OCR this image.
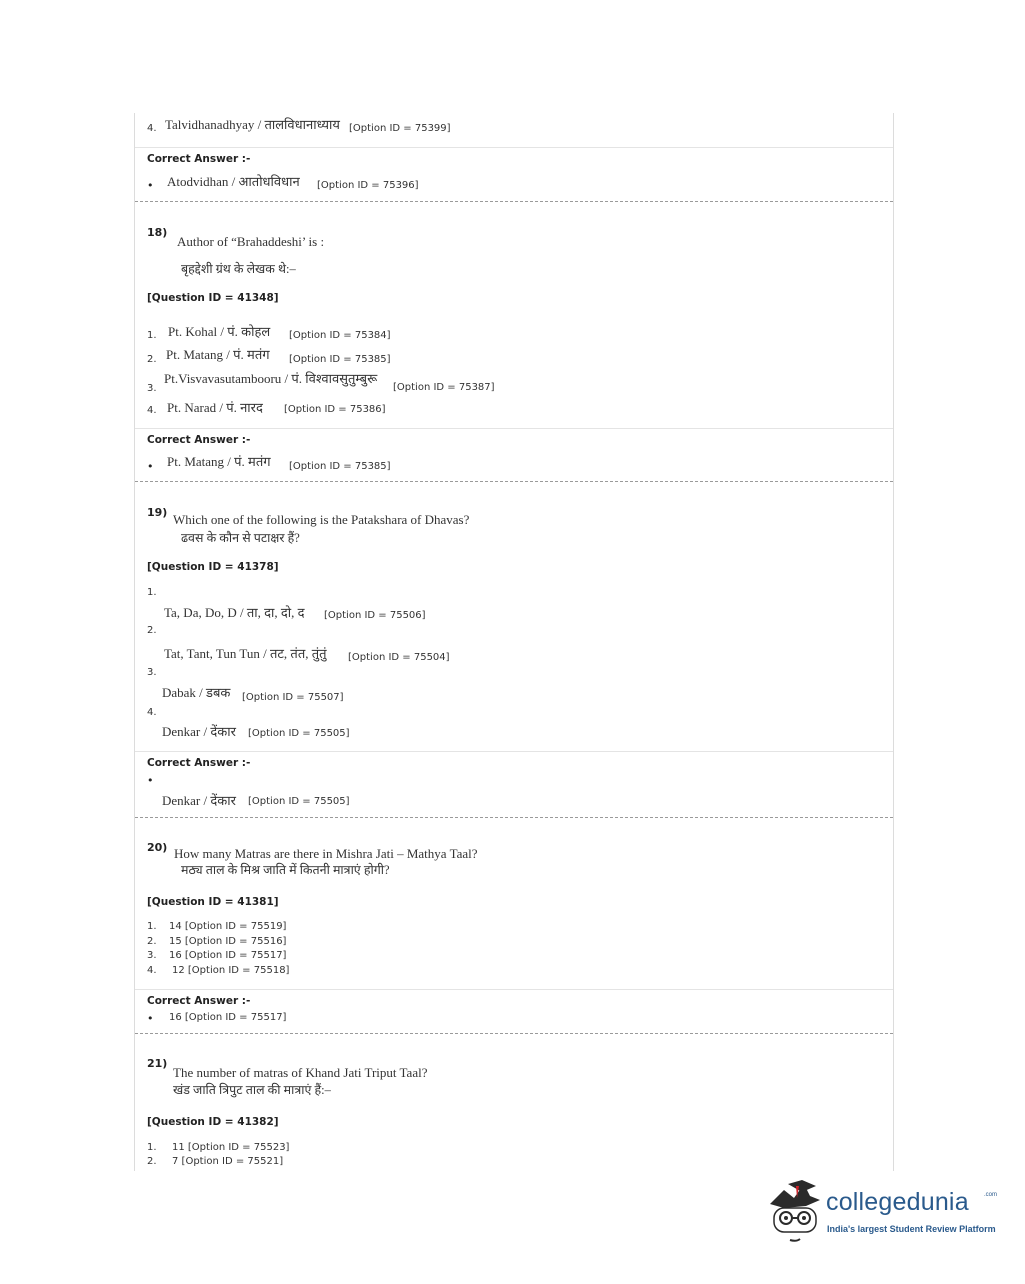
4. Talvidhanadhyay / तालविधानाध्याय [Option ID = 75399]
Correct Answer :-
• Atodvidhan / आतोधविधान [Option ID = 75396]
18)
Author of “Brahaddeshi’ is :
बृहद्देशी ग्रंथ के लेखक थे:–
[Question ID = 41348]
1. Pt. Kohal / पं. कोहल [Option ID = 75384]
2. Pt. Matang / पं. मतंग [Option ID = 75385]
3.
Pt.Visvavasutambooru / पं. विश्वावसुतुम्बुरू
[Option ID = 75387]
4. Pt. Narad / पं. नारद [Option ID = 75386]
Correct Answer :-
• Pt. Matang / पं. मतंग [Option ID = 75385]
19) Which one of the following is the Patakshara of Dhavas?
ढवस के कौन से पटाक्षर हैं?
[Question ID = 41378]
1.
Ta, Da, Do, D / ता, दा, दो, द [Option ID = 75506]
2.
Tat, Tant, Tun Tun / तट, तंत, तुंतुं [Option ID = 75504]
3.
Dabak / डबक [Option ID = 75507]
4.
Denkar / देंकार [Option ID = 75505]
Correct Answer :-
•
Denkar / देंकार [Option ID = 75505]
20) How many Matras are there in Mishra Jati – Mathya Taal?
मठ्य ताल के मिश्र जाति में कितनी मात्राएं होगी?
[Question ID = 41381]
1. 14 [Option ID = 75519]
2. 15 [Option ID = 75516]
3. 16 [Option ID = 75517]
4. 12 [Option ID = 75518]
Correct Answer :-
• 16 [Option ID = 75517]
21)
The number of matras of Khand Jati Triput Taal?
खंड जाति त्रिपुट ताल की मात्राएं हैं:–
[Question ID = 41382]
1. 11 [Option ID = 75523]
2. 7 [Option ID = 75521]
collegedunia	.com
India's largest Student Review Platform
